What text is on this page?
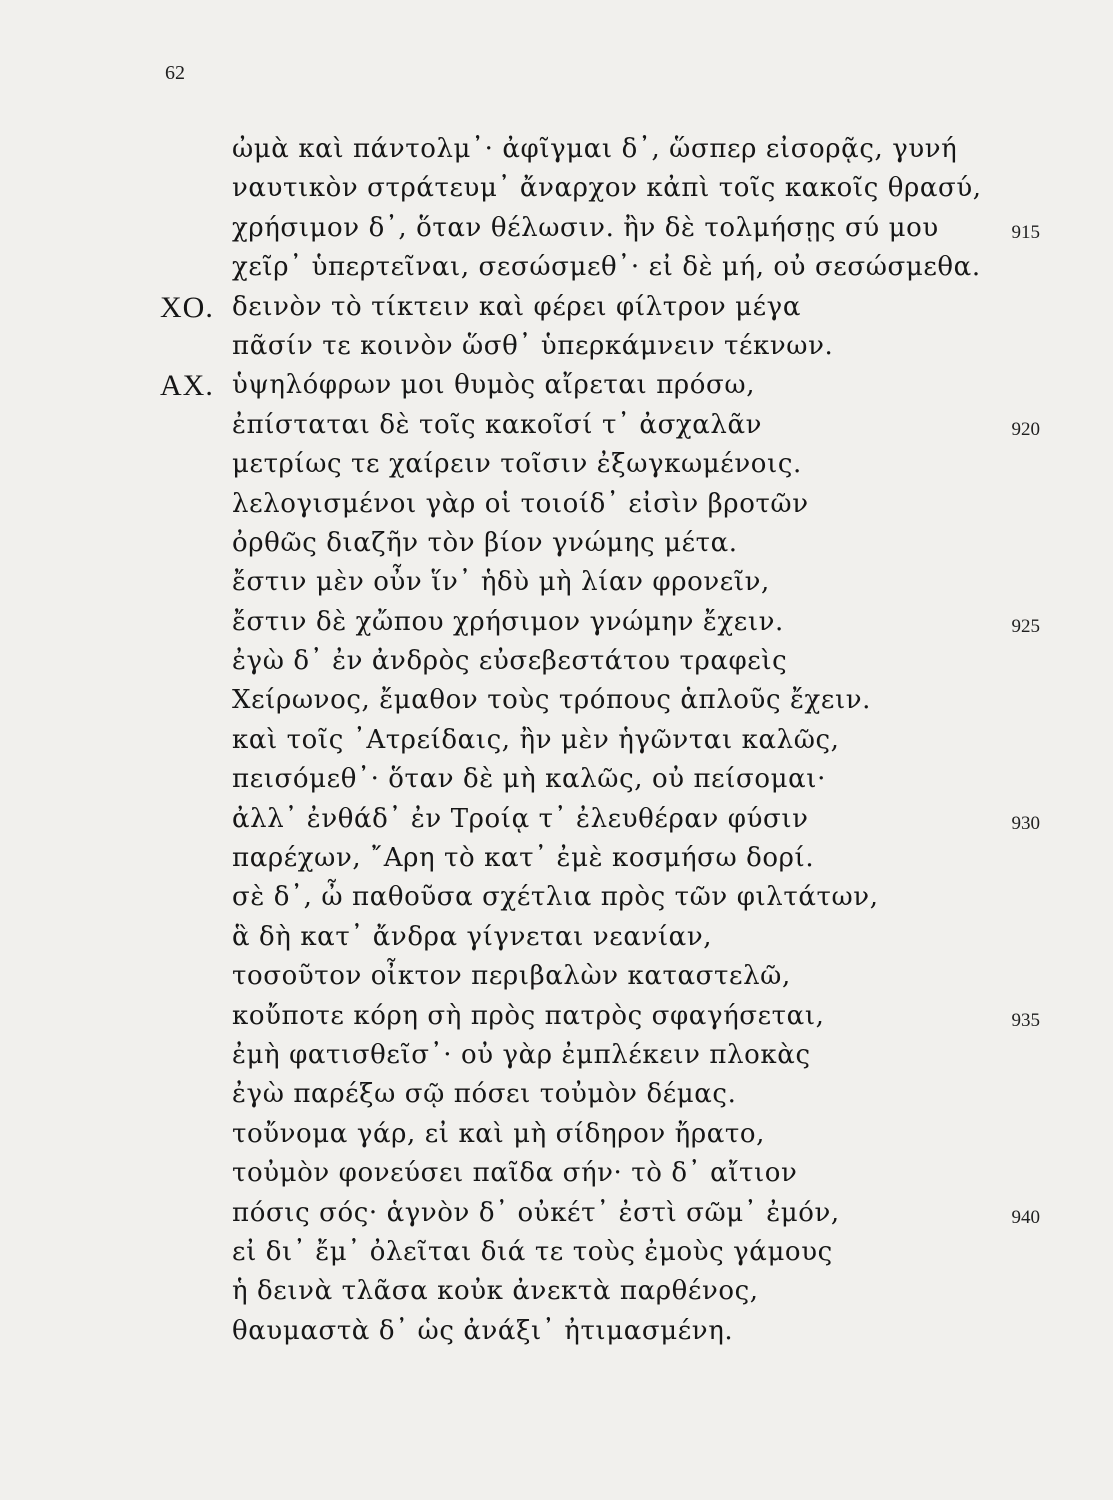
62
ὠμὰ καὶ πάντολμ᾽· ἀφῖγμαι δ᾽, ὥσπερ εἰσορᾷς, γυνή
ναυτικὸν στράτευμ᾽ ἄναρχον κἀπὶ τοῖς κακοῖς θρασύ,
χρήσιμον δ᾽, ὅταν θέλωσιν. ἢν δὲ τολμήσῃς σύ μου	915
χεῖρ᾽ ὑπερτεῖναι, σεσώσμεθ᾽· εἰ δὲ μή, οὐ σεσώσμεθα.
ΧΟ. δεινὸν τὸ τίκτειν καὶ φέρει φίλτρον μέγα
πᾶσίν τε κοινὸν ὥσθ᾽ ὑπερκάμνειν τέκνων.
ΑΧ. ὑψηλόφρων μοι θυμὸς αἴρεται πρόσω,
ἐπίσταται δὲ τοῖς κακοῖσί τ᾽ ἀσχαλᾶν	920
μετρίως τε χαίρειν τοῖσιν ἐξωγκωμένοις.
λελογισμένοι γὰρ οἱ τοιοίδ᾽ εἰσὶν βροτῶν
ὀρθῶς διαζῆν τὸν βίον γνώμης μέτα.
ἔστιν μὲν οὖν ἵν᾽ ἡδὺ μὴ λίαν φρονεῖν,
ἔστιν δὲ χὤπου χρήσιμον γνώμην ἔχειν.	925
ἐγὼ δ᾽ ἐν ἀνδρὸς εὐσεβεστάτου τραφεὶς
Χείρωνος, ἔμαθον τοὺς τρόπους ἁπλοῦς ἔχειν.
καὶ τοῖς ᾽Ατρείδαις, ἢν μὲν ἡγῶνται καλῶς,
πεισόμεθ᾽· ὅταν δὲ μὴ καλῶς, οὐ πείσομαι·
ἀλλ᾽ ἐνθάδ᾽ ἐν Τροίᾳ τ᾽ ἐλευθέραν φύσιν	930
παρέχων, ῎Αρη τὸ κατ᾽ ἐμὲ κοσμήσω δορί.
σὲ δ᾽, ὦ παθοῦσα σχέτλια πρὸς τῶν φιλτάτων,
ἃ δὴ κατ᾽ ἄνδρα γίγνεται νεανίαν,
τοσοῦτον οἶκτον περιβαλὼν καταστελῶ,
κοὔποτε κόρη σὴ πρὸς πατρὸς σφαγήσεται,	935
ἐμὴ φατισθεῖσ᾽· οὐ γὰρ ἐμπλέκειν πλοκὰς
ἐγὼ παρέξω σῷ πόσει τοὐμὸν δέμας.
τοὔνομα γάρ, εἰ καὶ μὴ σίδηρον ἤρατο,
τοὐμὸν φονεύσει παῖδα σήν· τὸ δ᾽ αἴτιον
πόσις σός· ἁγνὸν δ᾽ οὐκέτ᾽ ἐστὶ σῶμ᾽ ἐμόν,	940
εἰ δι᾽ ἔμ᾽ ὀλεῖται διά τε τοὺς ἐμοὺς γάμους
ἡ δεινὰ τλᾶσα κοὐκ ἀνεκτὰ παρθένος,
θαυμαστὰ δ᾽ ὡς ἀνάξι᾽ ἠτιμασμένη.
